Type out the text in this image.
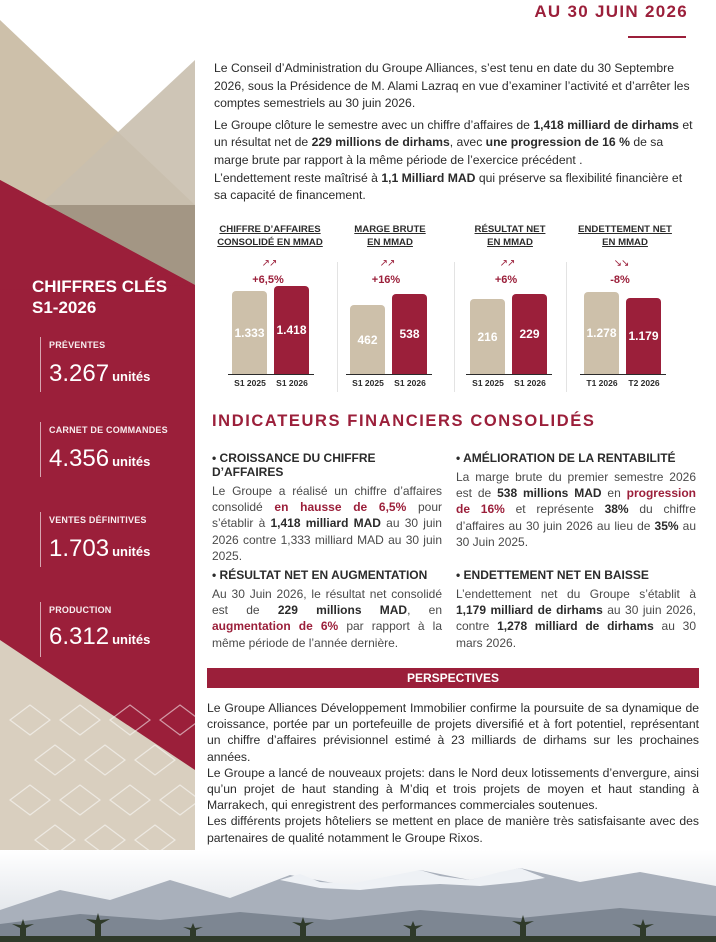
CHIFFRES CLÉS
S1-2026
PRÉVENTES
3.267 unités
CARNET DE COMMANDES
4.356 unités
VENTES DÉFINITIVES
1.703 unités
PRODUCTION
6.312 unités
AU 30 JUIN 2026

Le Conseil d’Administration du Groupe Alliances, s’est tenu en date du 30 Septembre 2026, sous la Présidence de M. Alami Lazraq en vue d’examiner l’activité et d’arrêter les comptes semestriels au 30 juin 2026.

Le Groupe clôture le semestre avec un chiffre d’affaires de 1,418 milliard de dirhams et un résultat net de 229 millions de dirhams, avec une progression de 16 % de sa marge brute par rapport à la même période de l’exercice précédent .

L’endettement reste maîtrisé à 1,1 Milliard MAD qui préserve sa flexibilité financière et sa capacité de financement.

CHIFFRE D’AFFAIRES
CONSOLIDÉ EN MMAD
MARGE BRUTE
EN MMAD
RÉSULTAT NET
EN MMAD
ENDETTEMENT NET
EN MMAD
↗↗
+6,5%
1.333
S1 2025
1.418
S1 2026
↗↗
+16%
462
S1 2025
538
S1 2026
↗↗
+6%
216
S1 2025
229
S1 2026
↘↘
-8%
1.278
T1 2026
1.179
T2 2026
INDICATEURS FINANCIERS CONSOLIDÉS
• CROISSANCE DU CHIFFRE D’AFFAIRES
Le Groupe a réalisé un chiffre d’affaires consolidé en hausse de 6,5% pour s’établir à 1,418 milliard MAD au 30 juin 2026 contre 1,333 milliard MAD au 30 juin 2025.
• AMÉLIORATION DE LA RENTABILITÉ
La marge brute du premier semestre 2026 est de 538 millions MAD en progression de 16% et représente 38% du chiffre d’affaires au 30 juin 2026 au lieu de 35% au 30 Juin 2025.
• RÉSULTAT NET EN AUGMENTATION
Au 30 Juin 2026, le résultat net consolidé est de 229 millions MAD, en augmentation de 6% par rapport à la même période de l’année dernière.
• ENDETTEMENT NET EN BAISSE
L’endettement net du Groupe s’établit à 1,179 milliard de dirhams au 30 juin 2026, contre 1,278 milliard de dirhams au 30 mars 2026.
PERSPECTIVES

Le Groupe Alliances Développement Immobilier confirme la poursuite de sa dynamique de croissance, portée par un portefeuille de projets diversifié et à fort potentiel, représentant un chiffre d’affaires prévisionnel estimé à 23 milliards de dirhams sur les prochaines années.

Le Groupe a lancé de nouveaux projets: dans le Nord deux lotissements d’envergure, ainsi qu’un projet de haut standing à M’diq et trois projets de moyen et haut standing à Marrakech, qui enregistrent des performances commerciales soutenues.

Les différents projets hôteliers se mettent en place de manière très satisfaisante avec des partenaires de qualité notamment le Groupe Rixos.
